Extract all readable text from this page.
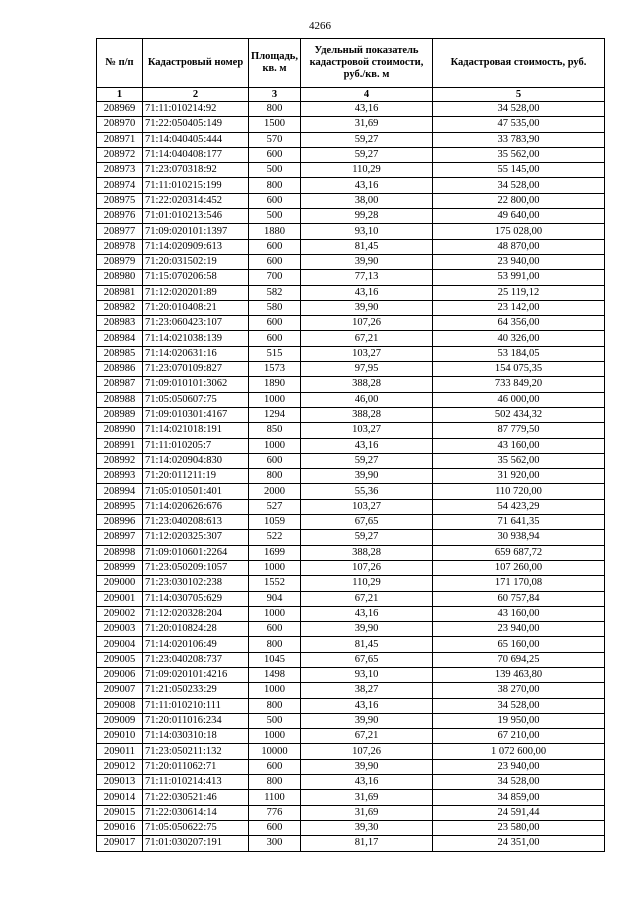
4266
№ п/п	Кадастровый номер	Площадь, кв. м	Удельный показатель кадастровой стоимости, руб./кв. м	Кадастровая стоимость, руб.
1	2	3	4	5
208969	71:11:010214:92	800	43,16	34 528,00
208970	71:22:050405:149	1500	31,69	47 535,00
208971	71:14:040405:444	570	59,27	33 783,90
208972	71:14:040408:177	600	59,27	35 562,00
208973	71:23:070318:92	500	110,29	55 145,00
208974	71:11:010215:199	800	43,16	34 528,00
208975	71:22:020314:452	600	38,00	22 800,00
208976	71:01:010213:546	500	99,28	49 640,00
208977	71:09:020101:1397	1880	93,10	175 028,00
208978	71:14:020909:613	600	81,45	48 870,00
208979	71:20:031502:19	600	39,90	23 940,00
208980	71:15:070206:58	700	77,13	53 991,00
208981	71:12:020201:89	582	43,16	25 119,12
208982	71:20:010408:21	580	39,90	23 142,00
208983	71:23:060423:107	600	107,26	64 356,00
208984	71:14:021038:139	600	67,21	40 326,00
208985	71:14:020631:16	515	103,27	53 184,05
208986	71:23:070109:827	1573	97,95	154 075,35
208987	71:09:010101:3062	1890	388,28	733 849,20
208988	71:05:050607:75	1000	46,00	46 000,00
208989	71:09:010301:4167	1294	388,28	502 434,32
208990	71:14:021018:191	850	103,27	87 779,50
208991	71:11:010205:7	1000	43,16	43 160,00
208992	71:14:020904:830	600	59,27	35 562,00
208993	71:20:011211:19	800	39,90	31 920,00
208994	71:05:010501:401	2000	55,36	110 720,00
208995	71:14:020626:676	527	103,27	54 423,29
208996	71:23:040208:613	1059	67,65	71 641,35
208997	71:12:020325:307	522	59,27	30 938,94
208998	71:09:010601:2264	1699	388,28	659 687,72
208999	71:23:050209:1057	1000	107,26	107 260,00
209000	71:23:030102:238	1552	110,29	171 170,08
209001	71:14:030705:629	904	67,21	60 757,84
209002	71:12:020328:204	1000	43,16	43 160,00
209003	71:20:010824:28	600	39,90	23 940,00
209004	71:14:020106:49	800	81,45	65 160,00
209005	71:23:040208:737	1045	67,65	70 694,25
209006	71:09:020101:4216	1498	93,10	139 463,80
209007	71:21:050233:29	1000	38,27	38 270,00
209008	71:11:010210:111	800	43,16	34 528,00
209009	71:20:011016:234	500	39,90	19 950,00
209010	71:14:030310:18	1000	67,21	67 210,00
209011	71:23:050211:132	10000	107,26	1 072 600,00
209012	71:20:011062:71	600	39,90	23 940,00
209013	71:11:010214:413	800	43,16	34 528,00
209014	71:22:030521:46	1100	31,69	34 859,00
209015	71:22:030614:14	776	31,69	24 591,44
209016	71:05:050622:75	600	39,30	23 580,00
209017	71:01:030207:191	300	81,17	24 351,00
